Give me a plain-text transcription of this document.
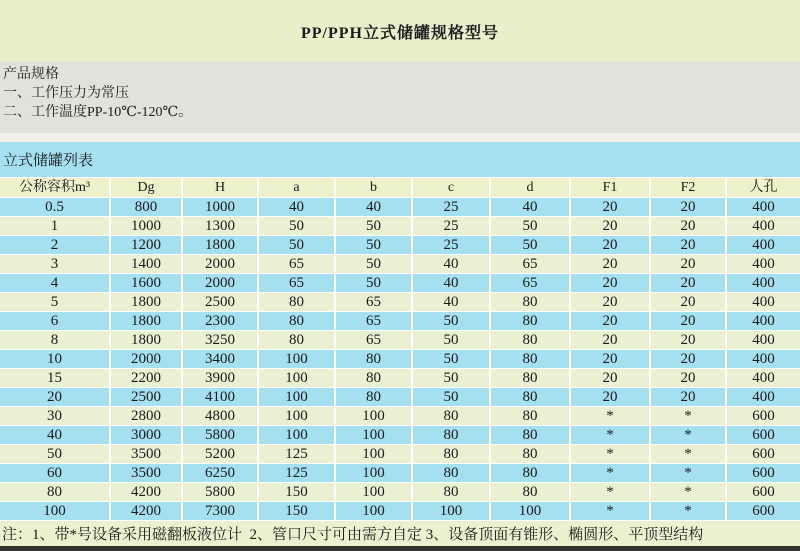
PP/PPH立式储罐规格型号
产品规格
一、工作压力为常压
二、工作温度PP-10℃-120℃。
立式储罐列表
公称容积m³	Dg	H	a	b	c	d	F1	F2	人孔
0.5	800	1000	40	40	25	40	20	20	400
1	1000	1300	50	50	25	50	20	20	400
2	1200	1800	50	50	25	50	20	20	400
3	1400	2000	65	50	40	65	20	20	400
4	1600	2000	65	50	40	65	20	20	400
5	1800	2500	80	65	40	80	20	20	400
6	1800	2300	80	65	50	80	20	20	400
8	1800	3250	80	65	50	80	20	20	400
10	2000	3400	100	80	50	80	20	20	400
15	2200	3900	100	80	50	80	20	20	400
20	2500	4100	100	80	50	80	20	20	400
30	2800	4800	100	100	80	80	*	*	600
40	3000	5800	100	100	80	80	*	*	600
50	3500	5200	125	100	80	80	*	*	600
60	3500	6250	125	100	80	80	*	*	600
80	4200	5800	150	100	80	80	*	*	600
100	4200	7300	150	100	100	100	*	*	600
注：1、带*号设备采用磁翻板液位计  2、管口尺寸可由需方自定 3、设备顶面有锥形、椭圆形、平顶型结构
